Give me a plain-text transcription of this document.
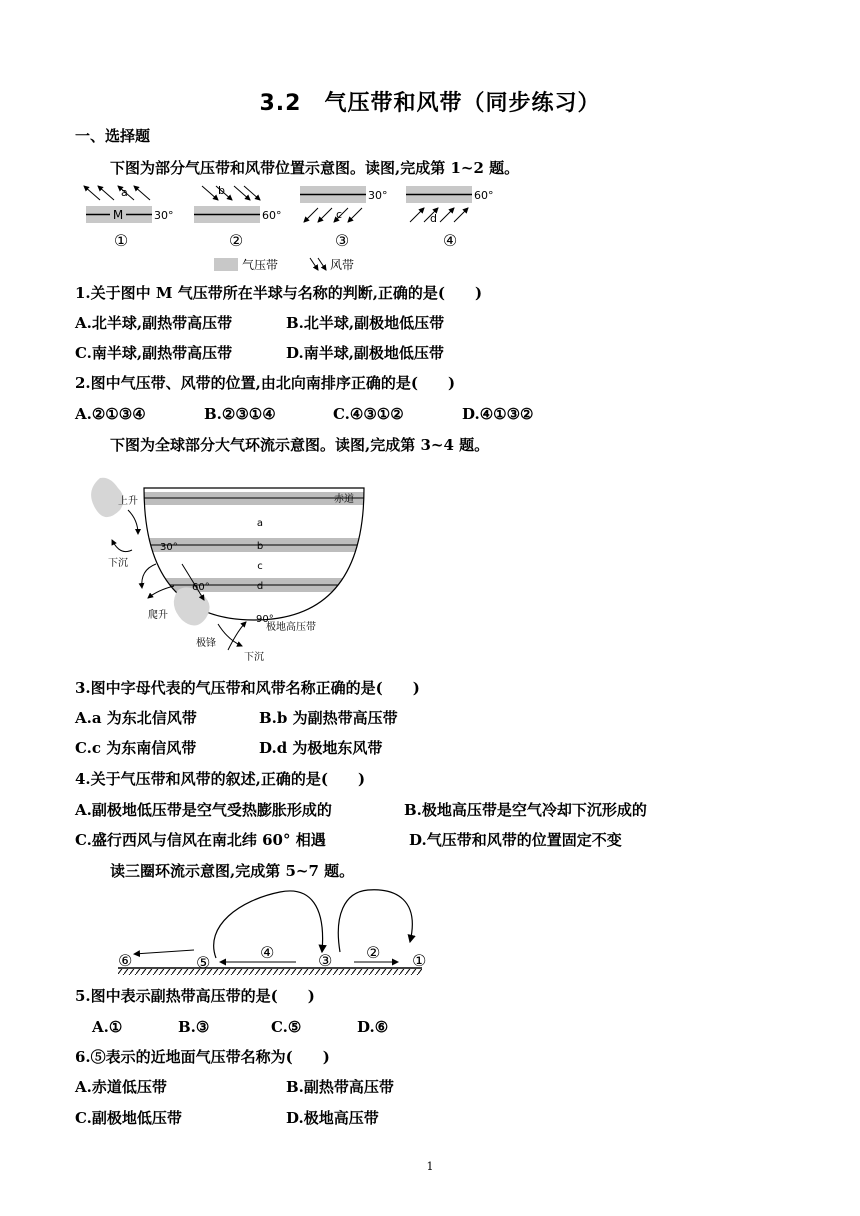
3.2　气压带和风带（同步练习）
一、选择题
下图为部分气压带和风带位置示意图。读图,完成第 1~2 题。
M	30°
a
①
60°
b
②
30°
c
③
60°
d
④
气压带	风带
1.关于图中 M 气压带所在半球与名称的判断,正确的是(　　)
A.北半球,副热带高压带	B.北半球,副极地低压带
C.南半球,副热带高压带	D.南半球,副极地低压带
2.图中气压带、风带的位置,由北向南排序正确的是(　　)
A.②①③④	B.②③①④	C.④③①②	D.④①③②
下图为全球部分大气环流示意图。读图,完成第 3~4 题。
上升	赤道
下沉
30°
60°
爬升
极锋
下沉
90°
极地高压带
a
b
c
d
3.图中字母代表的气压带和风带名称正确的是(　　)
A.a 为东北信风带	B.b 为副热带高压带
C.c 为东南信风带	D.d 为极地东风带
4.关于气压带和风带的叙述,正确的是(　　)
A.副极地低压带是空气受热膨胀形成的	B.极地高压带是空气冷却下沉形成的
C.盛行西风与信风在南北纬 60° 相遇	D.气压带和风带的位置固定不变
读三圈环流示意图,完成第 5~7 题。
⑥	⑤
④	③ ② ①
5.图中表示副热带高压带的是(　　)
A.①	B.③	C.⑤	D.⑥
6.⑤表示的近地面气压带名称为(　　)
A.赤道低压带	B.副热带高压带
C.副极地低压带	D.极地高压带
1
